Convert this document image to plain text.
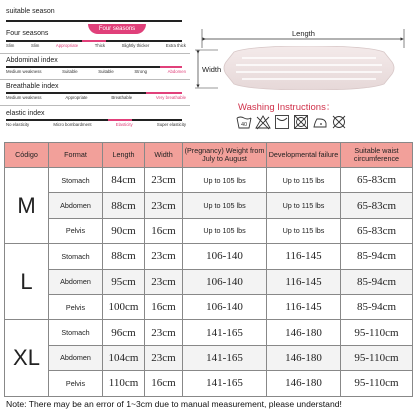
suitable season
Four seasons
Four seasons
Slim	Slim	Appropriate	Thick	Slightly thicker	Extra thick
Abdominal index
Medium weakness	Suitable	Suitable	Strong	Abdomen
Breathable index
Medium weakness	Appropriate	Breathable	Very breathable
elastic index
No elasticity	Micro bombardment	Elasticity	Super elasticity
Length
Width
Washing Instructions：
40
Código	Format	Length	Width	(Pregnancy) Weight from July to August	Developmental failure	Suitable waist circumference
M	Stomach	84cm	23cm	Up to 105 lbs	Up to 115 lbs	65-83cm
	Abdomen	88cm	23cm	Up to 105 lbs	Up to 115 lbs	65-83cm
	Pelvis	90cm	16cm	Up to 105 lbs	Up to 115 lbs	65-83cm
L	Stomach	88cm	23cm	106-140	116-145	85-94cm
	Abdomen	95cm	23cm	106-140	116-145	85-94cm
	Pelvis	100cm	16cm	106-140	116-145	85-94cm
XL	Stomach	96cm	23cm	141-165	146-180	95-110cm
	Abdomen	104cm	23cm	141-165	146-180	95-110cm
	Pelvis	110cm	16cm	141-165	146-180	95-110cm
Note: There may be an error of 1~3cm due to manual measurement, please understand!
